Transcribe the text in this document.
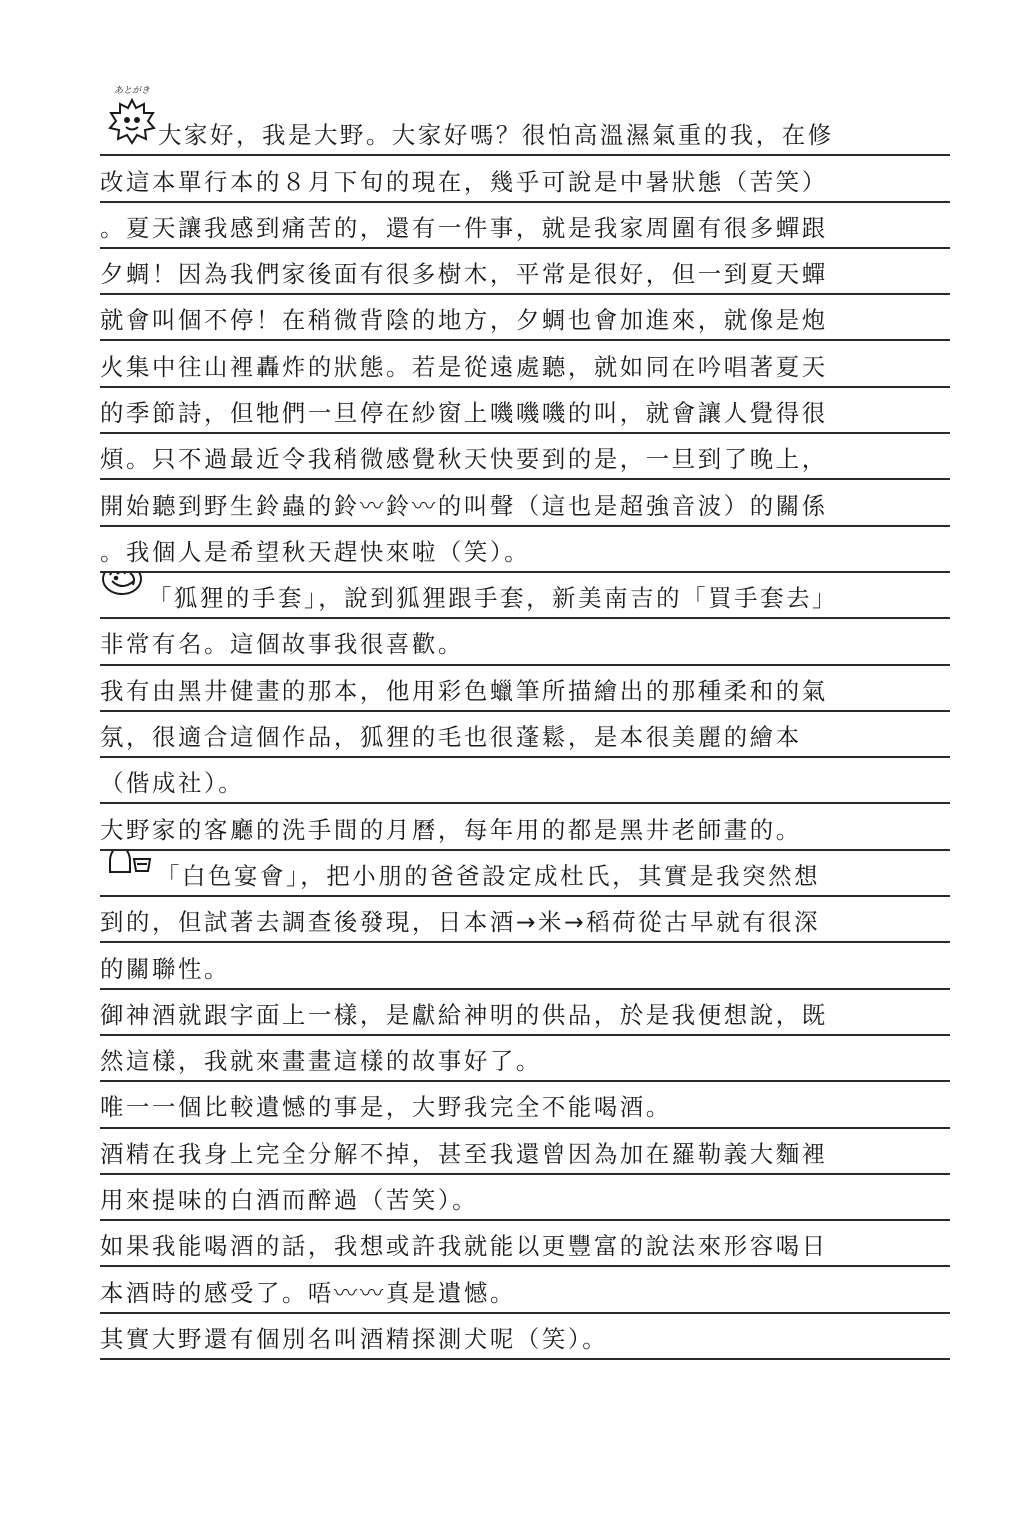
あとがき
大家好，我是大野。大家好嗎？很怕高溫濕氣重的我，在修
改這本單行本的８月下旬的現在，幾乎可說是中暑狀態（苦笑）
。夏天讓我感到痛苦的，還有一件事，就是我家周圍有很多蟬跟
夕蜩！因為我們家後面有很多樹木，平常是很好，但一到夏天蟬
就會叫個不停！在稍微背陰的地方，夕蜩也會加進來，就像是炮
火集中往山裡轟炸的狀態。若是從遠處聽，就如同在吟唱著夏天
的季節詩，但牠們一旦停在紗窗上嘰嘰嘰的叫，就會讓人覺得很
煩。只不過最近令我稍微感覺秋天快要到的是，一旦到了晚上，
開始聽到野生鈴蟲的鈴〰鈴〰的叫聲（這也是超強音波）的關係
。我個人是希望秋天趕快來啦（笑）。
「狐狸的手套」，說到狐狸跟手套，新美南吉的「買手套去」
非常有名。這個故事我很喜歡。
我有由黑井健畫的那本，他用彩色蠟筆所描繪出的那種柔和的氣
氛，很適合這個作品，狐狸的毛也很蓬鬆，是本很美麗的繪本
（偕成社）。
大野家的客廳的洗手間的月曆，每年用的都是黑井老師畫的。
「白色宴會」，把小朋的爸爸設定成杜氏，其實是我突然想
到的，但試著去調查後發現，日本酒→米→稻荷從古早就有很深
的關聯性。
御神酒就跟字面上一樣，是獻給神明的供品，於是我便想說，既
然這樣，我就來畫畫這樣的故事好了。
唯一一個比較遺憾的事是，大野我完全不能喝酒。
酒精在我身上完全分解不掉，甚至我還曾因為加在羅勒義大麵裡
用來提味的白酒而醉過（苦笑）。
如果我能喝酒的話，我想或許我就能以更豐富的說法來形容喝日
本酒時的感受了。唔〰〰真是遺憾。
其實大野還有個別名叫酒精探測犬呢（笑）。
